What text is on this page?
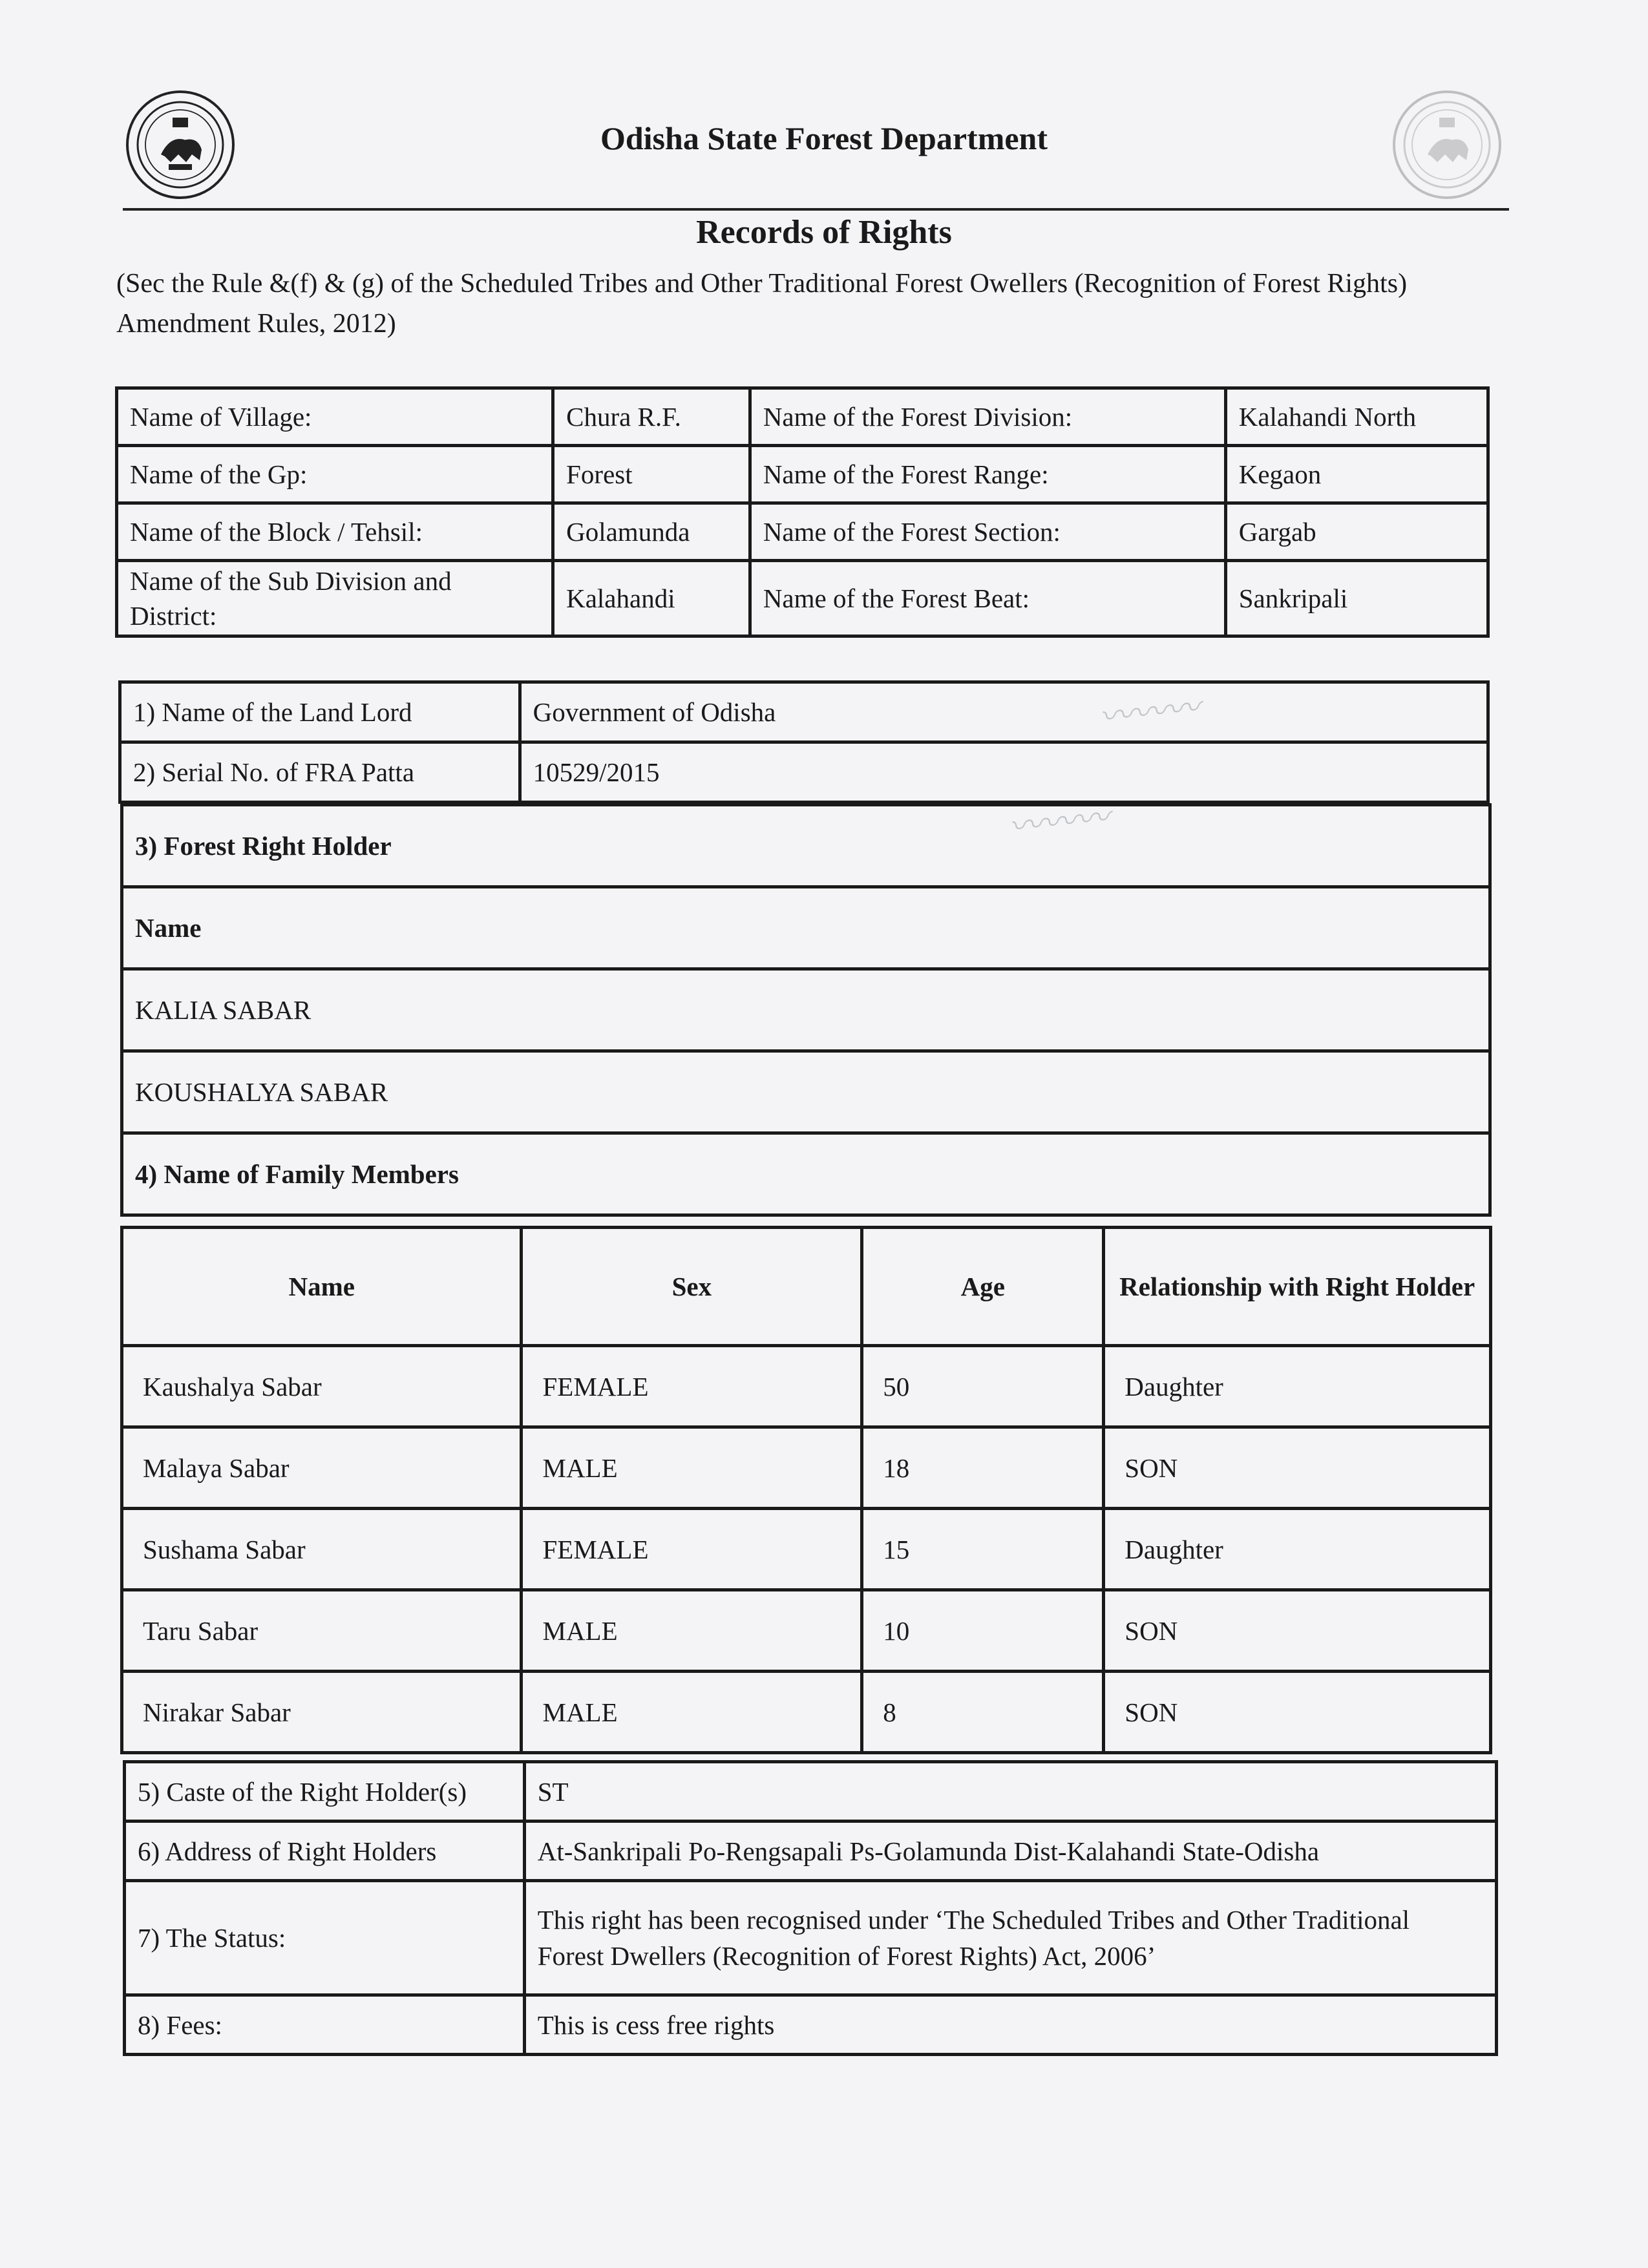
Odisha State Forest Department
Records of Rights
(Sec the Rule &(f) & (g) of the Scheduled Tribes and Other Traditional Forest Owellers (Recognition of Forest Rights) Amendment Rules, 2012)
Name of Village:	Chura R.F.	Name of the Forest Division:	Kalahandi North
Name of the Gp:	Forest	Name of the Forest Range:	Kegaon
Name of the Block / Tehsil:	Golamunda	Name of the Forest Section:	Gargab
Name of the Sub Division and District:	Kalahandi	Name of the Forest Beat:	Sankripali
1) Name of the Land Lord	Government of Odisha
2) Serial No. of FRA Patta	10529/2015
3) Forest Right Holder
Name
KALIA SABAR
KOUSHALYA SABAR
4) Name of Family Members
Name	Sex	Age	Relationship with Right Holder
Kaushalya Sabar	FEMALE	50	Daughter
Malaya Sabar	MALE	18	SON
Sushama Sabar	FEMALE	15	Daughter
Taru Sabar	MALE	10	SON
Nirakar Sabar	MALE	8	SON
5) Caste of the Right Holder(s)	ST
6) Address of Right Holders	At-Sankripali Po-Rengsapali Ps-Golamunda Dist-Kalahandi State-Odisha
7) The Status:	This right has been recognised under ‘The Scheduled Tribes and Other Traditional
Forest Dwellers (Recognition of Forest Rights) Act, 2006’

8) Fees:	This is cess free rights
〰〰〰
〰〰〰
